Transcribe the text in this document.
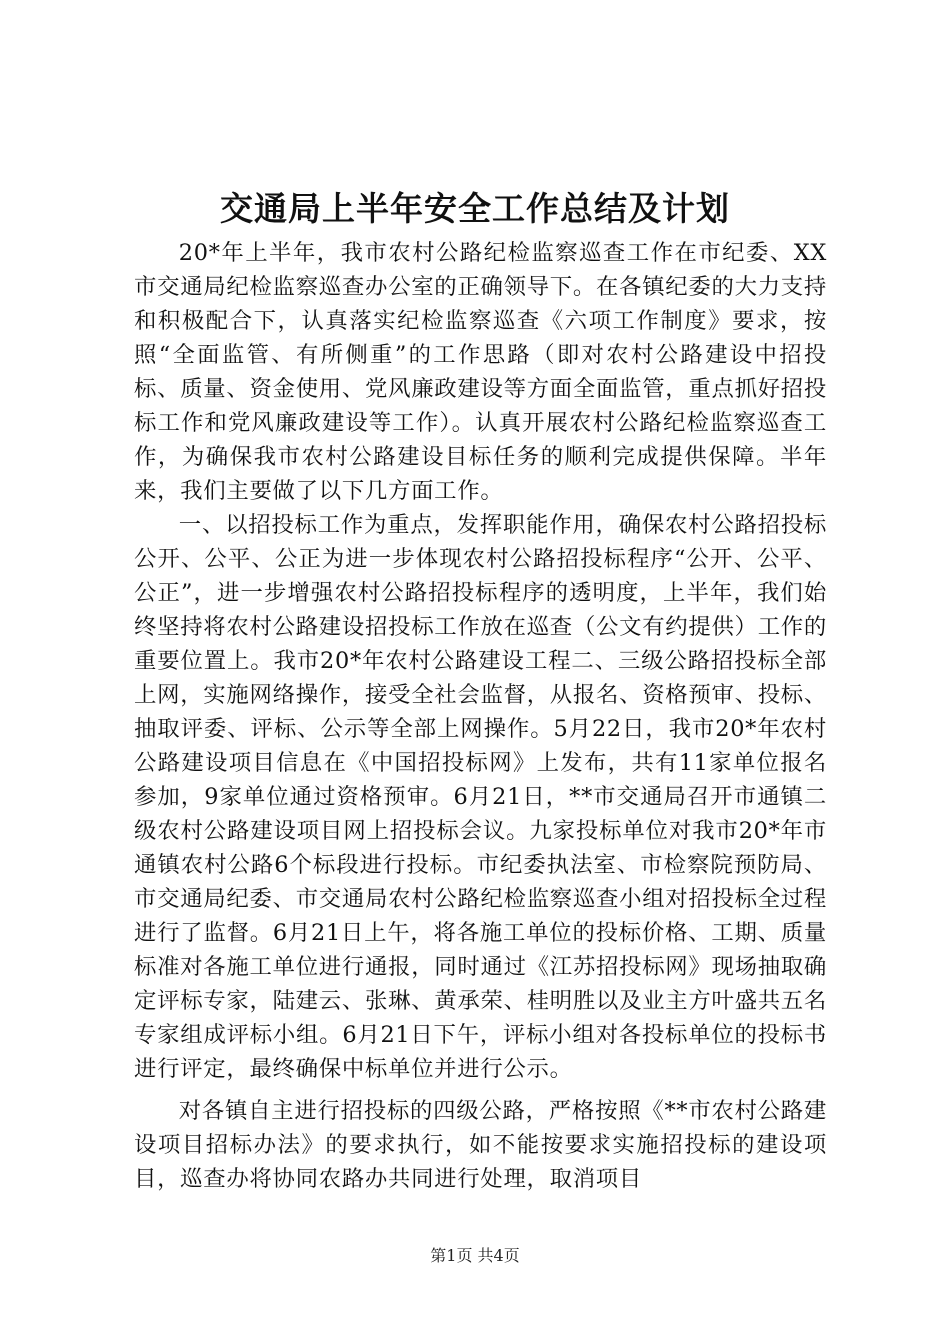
交通局上半年安全工作总结及计划

20*年上半年，我市农村公路纪检监察巡查工作在市纪委、XX市交通局纪检监察巡查办公室的正确领导下。在各镇纪委的大力支持和积极配合下，认真落实纪检监察巡查《六项工作制度》要求，按照“全面监管、有所侧重”的工作思路（即对农村公路建设中招投标、质量、资金使用、党风廉政建设等方面全面监管，重点抓好招投标工作和党风廉政建设等工作）。认真开展农村公路纪检监察巡查工作，为确保我市农村公路建设目标任务的顺利完成提供保障。半年来，我们主要做了以下几方面工作。

一、以招投标工作为重点，发挥职能作用，确保农村公路招投标公开、公平、公正为进一步体现农村公路招投标程序“公开、公平、公正”，进一步增强农村公路招投标程序的透明度，上半年，我们始终坚持将农村公路建设招投标工作放在巡查（公文有约提供）工作的重要位置上。我市20*年农村公路建设工程二、三级公路招投标全部上网，实施网络操作，接受全社会监督，从报名、资格预审、投标、抽取评委、评标、公示等全部上网操作。5月22日，我市20*年农村公路建设项目信息在《中国招投标网》上发布，共有11家单位报名参加，9家单位通过资格预审。6月21日，**市交通局召开市通镇二级农村公路建设项目网上招投标会议。九家投标单位对我市20*年市通镇农村公路6个标段进行投标。市纪委执法室、市检察院预防局、市交通局纪委、市交通局农村公路纪检监察巡查小组对招投标全过程进行了监督。6月21日上午，将各施工单位的投标价格、工期、质量标准对各施工单位进行通报，同时通过《江苏招投标网》现场抽取确定评标专家，陆建云、张琳、黄承荣、桂明胜以及业主方叶盛共五名专家组成评标小组。6月21日下午，评标小组对各投标单位的投标书进行评定，最终确保中标单位并进行公示。

对各镇自主进行招投标的四级公路，严格按照《**市农村公路建设项目招标办法》的要求执行，如不能按要求实施招投标的建设项目，巡查办将协同农路办共同进行处理，取消项目

第1页 共4页
